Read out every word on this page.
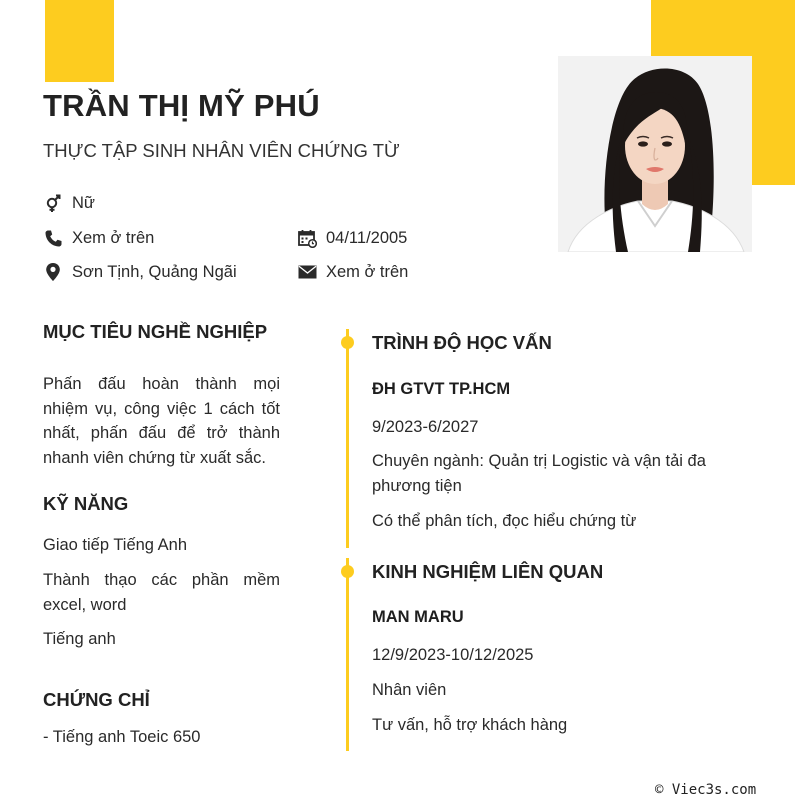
TRẦN THỊ MỸ PHÚ

THỰC TẬP SINH NHÂN VIÊN CHỨNG TỪ

Nữ
Xem ở trên	04/11/2005
Sơn Tịnh, Quảng Ngãi	Xem ở trên
MỤC TIÊU NGHỀ NGHIỆP

Phấn đấu hoàn thành mọi nhiệm vụ, công việc 1 cách tốt nhất, phấn đấu để trở thành nhanh viên chứng từ xuất sắc.

KỸ NĂNG

Giao tiếp Tiếng Anh

Thành thạo các phần mềm excel, word

Tiếng anh

CHỨNG CHỈ

- Tiếng anh Toeic 650

TRÌNH ĐỘ HỌC VẤN

ĐH GTVT TP.HCM

9/2023-6/2027

Chuyên ngành: Quản trị Logistic và vận tải đa phương tiện

Có thể phân tích, đọc hiểu chứng từ

KINH NGHIỆM LIÊN QUAN

MAN MARU

12/9/2023-10/12/2025

Nhân viên

Tư vấn, hỗ trợ khách hàng

© Viec3s.com
